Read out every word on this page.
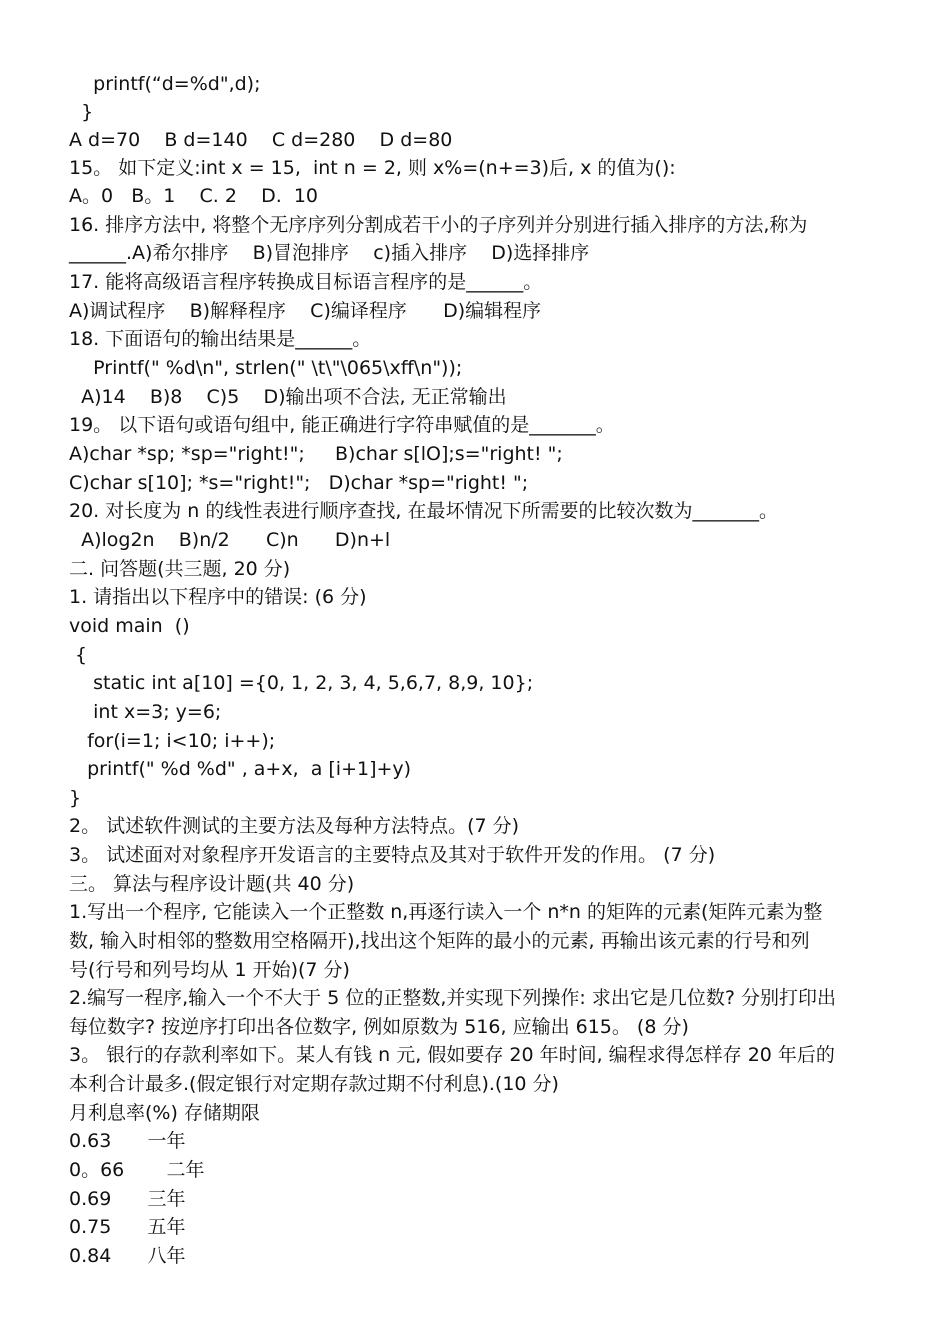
printf(“d=%d",d);
}
A d=70    B d=140    C d=280    D d=80
15。 如下定义:int x = 15,  int n = 2, 则 x%=(n+=3)后, x 的值为():
A。0   B。1    C. 2    D.  10
16. 排序方法中, 将整个无序序列分割成若干小的子序列并分别进行插入排序的方法,称为
______.A)希尔排序    B)冒泡排序    c)插入排序    D)选择排序
17. 能将高级语言程序转换成目标语言程序的是______。
A)调试程序    B)解释程序    C)编译程序      D)编辑程序
18. 下面语句的输出结果是______。
Printf(" %d\n", strlen(" \t\"\065\xff\n"));
A)14    B)8    C)5    D)输出项不合法, 无正常输出
19。 以下语句或语句组中, 能正确进行字符串赋值的是_______。
A)char *sp; *sp="right!";     B)char s[lO];s="right! ";
C)char s[10]; *s="right!";   D)char *sp="right! ";
20. 对长度为 n 的线性表进行顺序查找, 在最坏情况下所需要的比较次数为_______。
A)log2n    B)n/2      C)n      D)n+l
二. 问答题(共三题, 20 分)
1. 请指出以下程序中的错误: (6 分)
void main  ()
{
static int a[10] ={0, 1, 2, 3, 4, 5,6,7, 8,9, 10};
int x=3; y=6;
for(i=1; i<10; i++);
printf(" %d %d" , a+x,  a [i+1]+y)
}
2。 试述软件测试的主要方法及每种方法特点。(7 分)
3。 试述面对对象程序开发语言的主要特点及其对于软件开发的作用。 (7 分)
三。 算法与程序设计题(共 40 分)
1.写出一个程序, 它能读入一个正整数 n,再逐行读入一个 n*n 的矩阵的元素(矩阵元素为整
数, 输入时相邻的整数用空格隔开),找出这个矩阵的最小的元素, 再输出该元素的行号和列
号(行号和列号均从 1 开始)(7 分)
2.编写一程序,输入一个不大于 5 位的正整数,并实现下列操作: 求出它是几位数? 分别打印出
每位数字? 按逆序打印出各位数字, 例如原数为 516, 应输出 615。 (8 分)
3。 银行的存款利率如下。某人有钱 n 元, 假如要存 20 年时间, 编程求得怎样存 20 年后的
本利合计最多.(假定银行对定期存款过期不付利息).(10 分)
月利息率(%) 存储期限
0.63      一年
0。66       二年
0.69      三年
0.75      五年
0.84      八年
